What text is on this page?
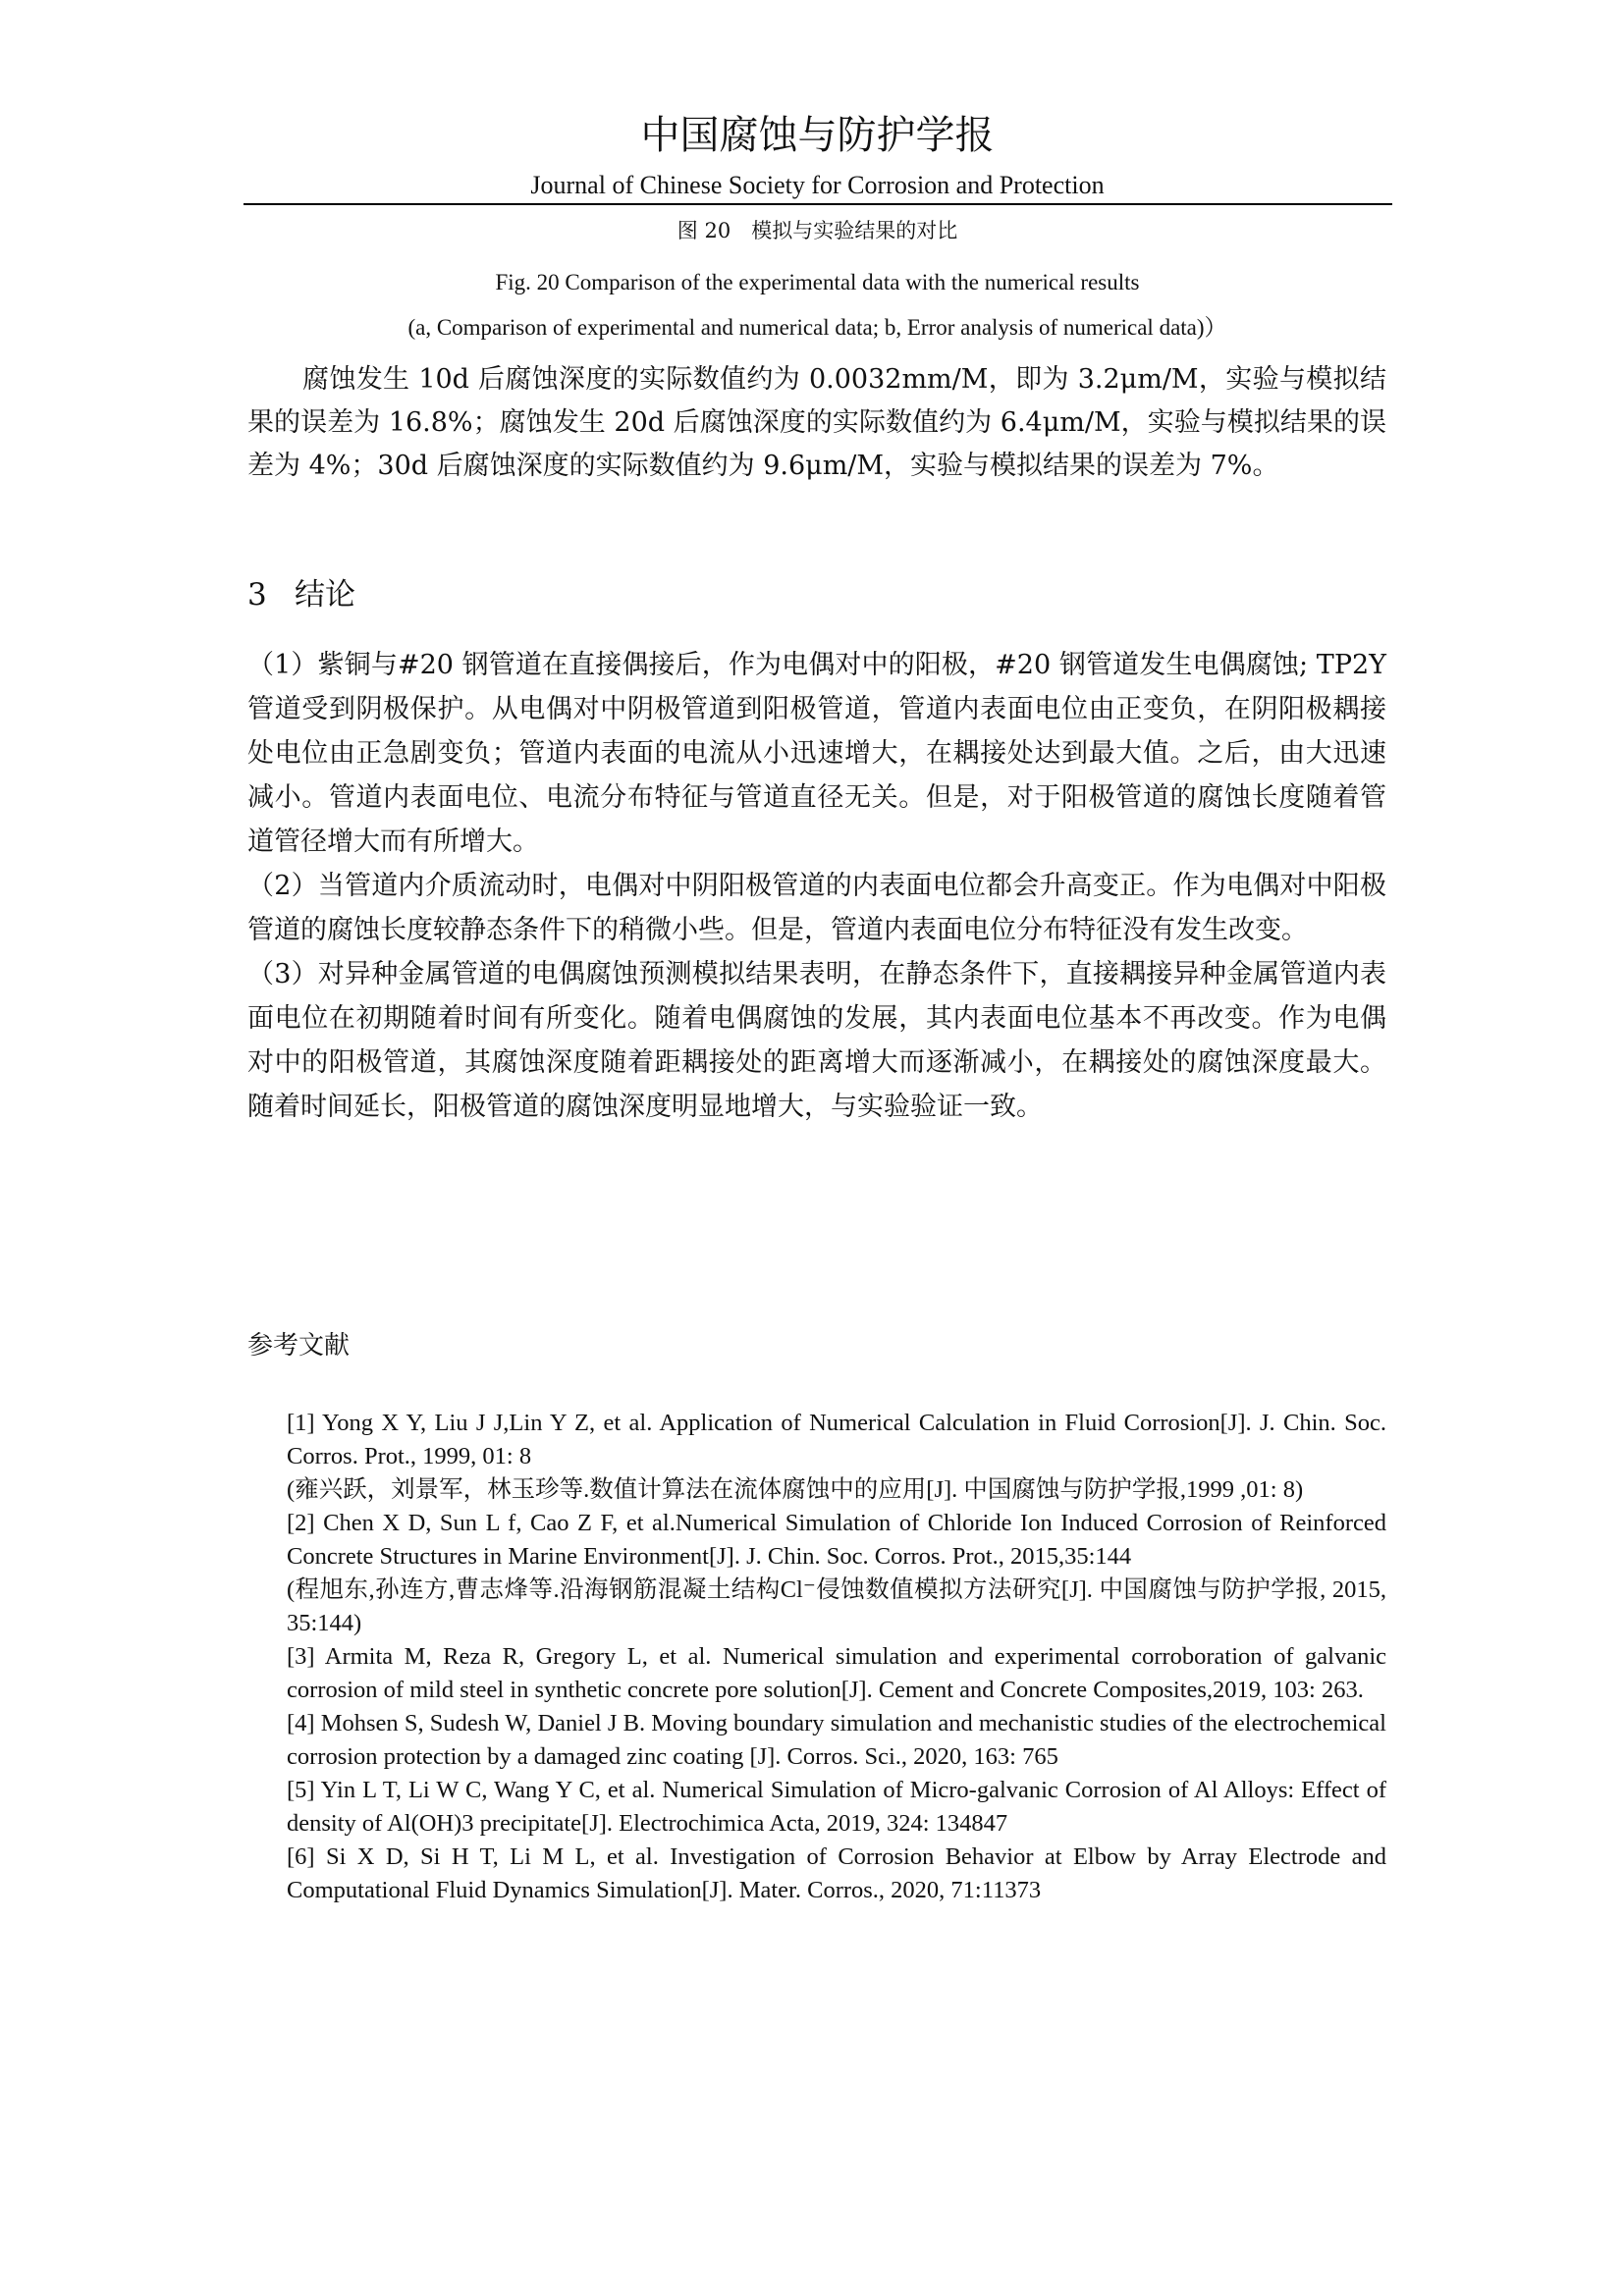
中国腐蚀与防护学报
Journal of Chinese Society for Corrosion and Protection
图 20　模拟与实验结果的对比
Fig. 20 Comparison of the experimental data with the numerical results
(a, Comparison of experimental and numerical data; b, Error analysis of numerical data)）

腐蚀发生 10d 后腐蚀深度的实际数值约为 0.0032mm/M，即为 3.2μm/M，实验与模拟结果的误差为 16.8%；腐蚀发生 20d 后腐蚀深度的实际数值约为 6.4μm/M，实验与模拟结果的误差为 4%；30d 后腐蚀深度的实际数值约为 9.6μm/M，实验与模拟结果的误差为 7%。

3 结论

（1）紫铜与#20 钢管道在直接偶接后，作为电偶对中的阳极，#20 钢管道发生电偶腐蚀; TP2Y 管道受到阴极保护。从电偶对中阴极管道到阳极管道，管道内表面电位由正变负，在阴阳极耦接处电位由正急剧变负；管道内表面的电流从小迅速增大，在耦接处达到最大值。之后，由大迅速减小。管道内表面电位、电流分布特征与管道直径无关。但是，对于阳极管道的腐蚀长度随着管道管径增大而有所增大。

（2）当管道内介质流动时，电偶对中阴阳极管道的内表面电位都会升高变正。作为电偶对中阳极管道的腐蚀长度较静态条件下的稍微小些。但是，管道内表面电位分布特征没有发生改变。

（3）对异种金属管道的电偶腐蚀预测模拟结果表明，在静态条件下，直接耦接异种金属管道内表面电位在初期随着时间有所变化。随着电偶腐蚀的发展，其内表面电位基本不再改变。作为电偶对中的阳极管道，其腐蚀深度随着距耦接处的距离增大而逐渐减小，在耦接处的腐蚀深度最大。随着时间延长，阳极管道的腐蚀深度明显地增大，与实验验证一致。

参考文献

[1] Yong X Y, Liu J J,Lin Y Z, et al. Application of Numerical Calculation in Fluid Corrosion[J]. J. Chin. Soc. Corros. Prot., 1999, 01: 8

(雍兴跃，刘景军，林玉珍等.数值计算法在流体腐蚀中的应用[J]. 中国腐蚀与防护学报,1999 ,01: 8)

[2] Chen X D, Sun L f, Cao Z F, et al.Numerical Simulation of Chloride Ion Induced Corrosion of Reinforced Concrete Structures in Marine Environment[J]. J. Chin. Soc. Corros. Prot., 2015,35:144

(程旭东,孙连方,曹志烽等.沿海钢筋混凝土结构Cl⁻侵蚀数值模拟方法研究[J]. 中国腐蚀与防护学报, 2015, 35:144)

[3] Armita M, Reza R, Gregory L, et al. Numerical simulation and experimental corroboration of galvanic corrosion of mild steel in synthetic concrete pore solution[J]. Cement and Concrete Composites,2019, 103: 263.

[4] Mohsen S, Sudesh W, Daniel J B. Moving boundary simulation and mechanistic studies of the electrochemical corrosion protection by a damaged zinc coating [J]. Corros. Sci., 2020, 163: 765

[5] Yin L T, Li W C, Wang Y C, et al. Numerical Simulation of Micro-galvanic Corrosion of Al Alloys: Effect of density of Al(OH)3 precipitate[J]. Electrochimica Acta, 2019, 324: 134847

[6] Si X D, Si H T, Li M L, et al. Investigation of Corrosion Behavior at Elbow by Array Electrode and Computational Fluid Dynamics Simulation[J]. Mater. Corros., 2020, 71:11373
